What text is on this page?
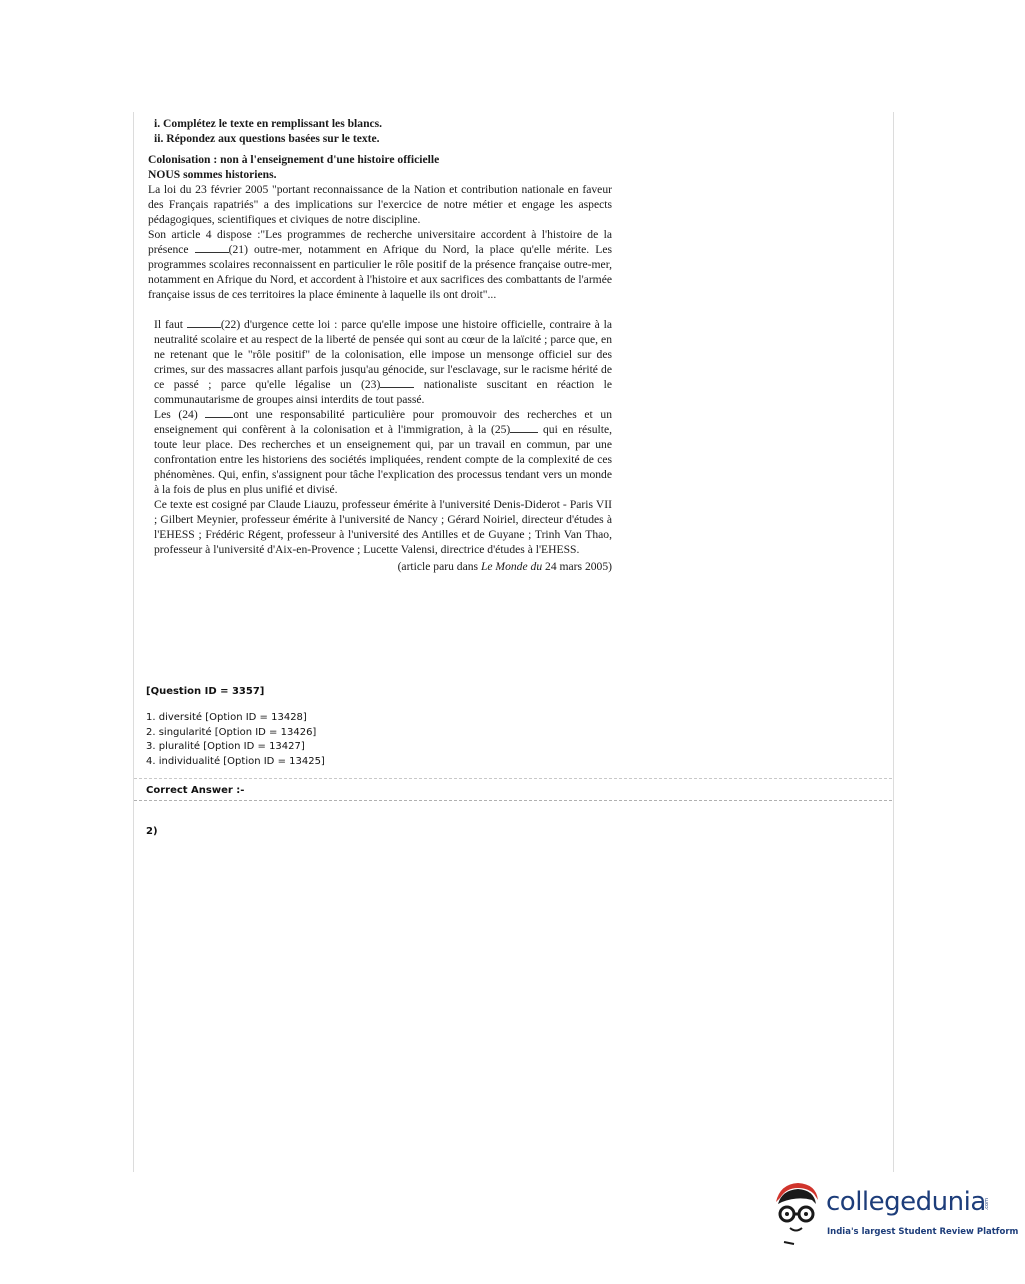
i. Complétez le texte en remplissant les blancs.

ii. Répondez aux questions basées sur le texte.

Colonisation : non à l'enseignement d'une histoire officielle

NOUS sommes historiens.

La loi du 23 février 2005 "portant reconnaissance de la Nation et contribution nationale en faveur des Français rapatriés" a des implications sur l'exercice de notre métier et engage les aspects pédagogiques, scientifiques et civiques de notre discipline.

Son article 4 dispose :"Les programmes de recherche universitaire accordent à l'histoire de la présence	(21) outre-mer, notamment en Afrique du Nord, la place qu'elle mérite. Les programmes scolaires reconnaissent en particulier le rôle positif de la présence française outre-mer, notamment en Afrique du Nord, et accordent à l'histoire et aux sacrifices des combattants de l'armée française issus de ces territoires la place éminente à laquelle ils ont droit"...

Il faut	(22) d'urgence cette loi : parce qu'elle impose une histoire officielle, contraire à la neutralité scolaire et au respect de la liberté de pensée qui sont au cœur de la laïcité ; parce que, en ne retenant que le "rôle positif" de la colonisation, elle impose un mensonge officiel sur des crimes, sur des massacres allant parfois jusqu'au génocide, sur l'esclavage, sur le racisme hérité de ce passé ; parce qu'elle légalise un (23)	nationaliste suscitant en réaction le communautarisme de groupes ainsi interdits de tout passé.

Les (24) ont une responsabilité particulière pour promouvoir des recherches et un enseignement qui confèrent à la colonisation et à l'immigration, à la (25) qui en résulte, toute leur place. Des recherches et un enseignement qui, par un travail en commun, par une confrontation entre les historiens des sociétés impliquées, rendent compte de la complexité de ces phénomènes. Qui, enfin, s'assignent pour tâche l'explication des processus tendant vers un monde à la fois de plus en plus unifié et divisé.

Ce texte est cosigné par Claude Liauzu, professeur émérite à l'université Denis-Diderot - Paris VII ; Gilbert Meynier, professeur émérite à l'université de Nancy ; Gérard Noiriel, directeur d'études à l'EHESS ; Frédéric Régent, professeur à l'université des Antilles et de Guyane ; Trinh Van Thao, professeur à l'université d'Aix-en-Provence ; Lucette Valensi, directrice d'études à l'EHESS.

(article paru dans Le Monde du 24 mars 2005)

[Question ID = 3357]
1. diversité [Option ID = 13428]
2. singularité [Option ID = 13426]
3. pluralité [Option ID = 13427]
4. individualité [Option ID = 13425]
Correct Answer :-
2)
collegedunia
.com
India's largest Student Review Platform
